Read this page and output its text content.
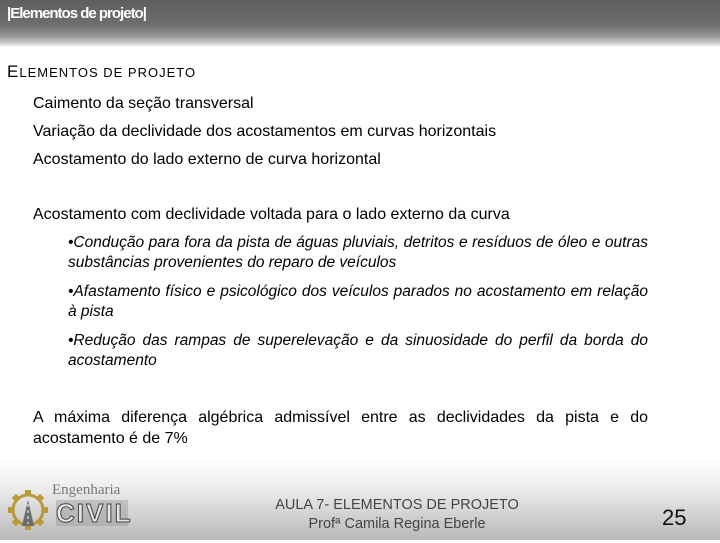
|Elementos de projeto|
ELEMENTOS DE PROJETO
Caimento da seção transversal
Variação da declividade dos acostamentos em curvas horizontais
Acostamento do lado externo de curva horizontal
Acostamento com declividade voltada para o lado externo da curva
•Condução para fora da pista de águas pluviais, detritos e resíduos de óleo e outras substâncias provenientes do reparo de veículos
•Afastamento físico e psicológico dos veículos parados no acostamento em relação à pista
•Redução das rampas de superelevação e da sinuosidade do perfil da borda do acostamento
A máxima diferença algébrica admissível entre as declividades da pista e do acostamento é de 7%
Engenharia
CIVIL	AULA 7- ELEMENTOS DE PROJETO
Profª Camila Regina Eberle	25
